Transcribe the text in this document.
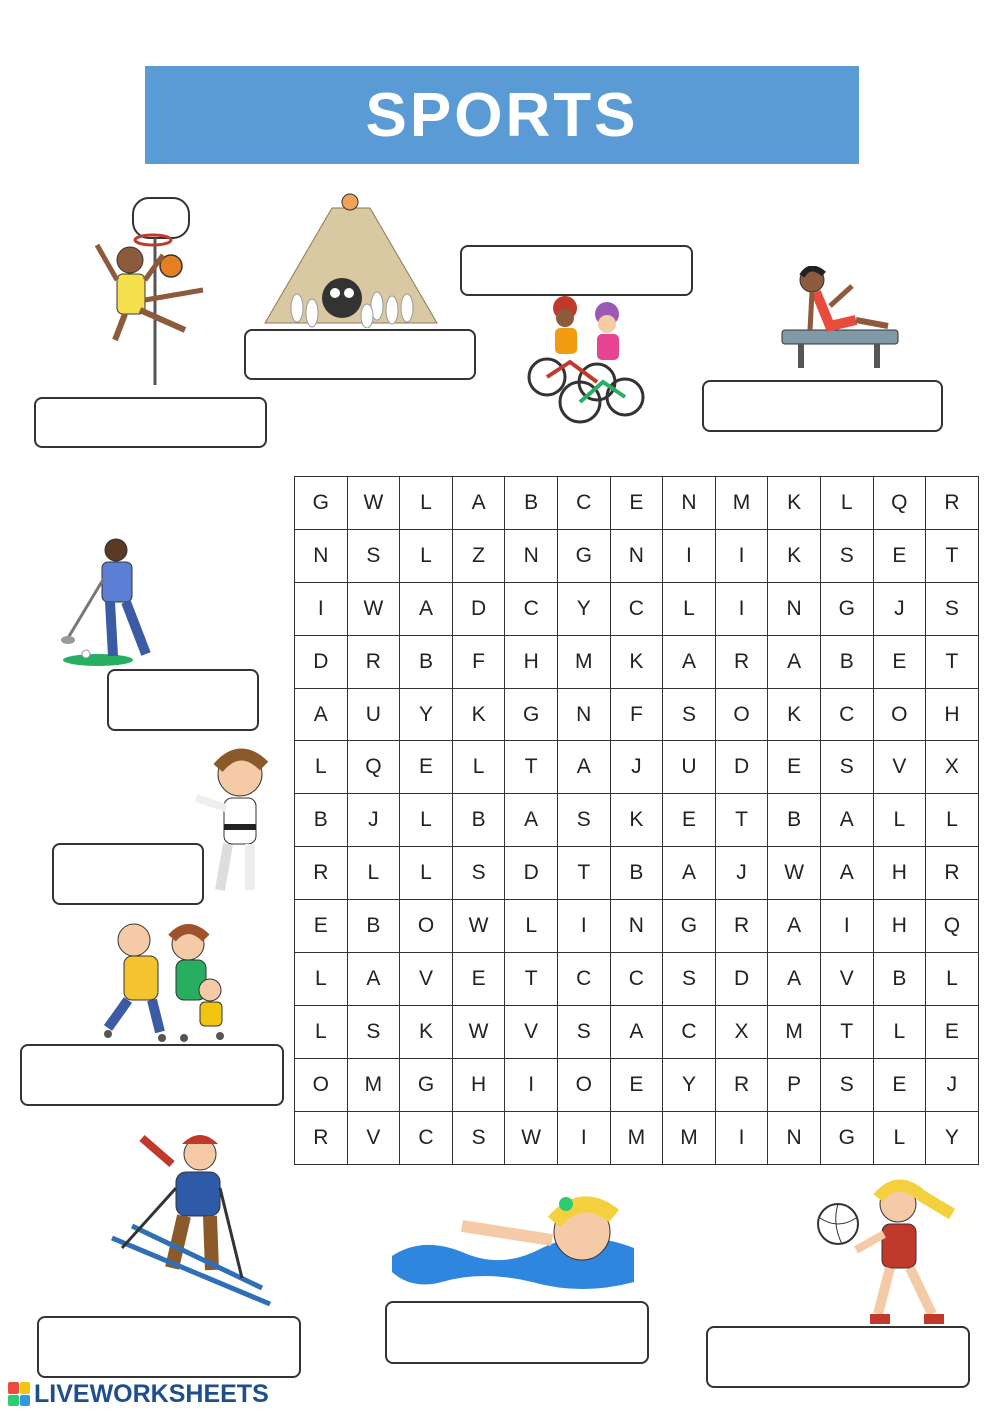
SPORTS
G	W	L	A	B	C	E	N	M	K	L	Q	R
N	S	L	Z	N	G	N	I	I	K	S	E	T
I	W	A	D	C	Y	C	L	I	N	G	J	S
D	R	B	F	H	M	K	A	R	A	B	E	T
A	U	Y	K	G	N	F	S	O	K	C	O	H
L	Q	E	L	T	A	J	U	D	E	S	V	X
B	J	L	B	A	S	K	E	T	B	A	L	L
R	L	L	S	D	T	B	A	J	W	A	H	R
E	B	O	W	L	I	N	G	R	A	I	H	Q
L	A	V	E	T	C	C	S	D	A	V	B	L
L	S	K	W	V	S	A	C	X	M	T	L	E
O	M	G	H	I	O	E	Y	R	P	S	E	J
R	V	C	S	W	I	M	M	I	N	G	L	Y
LIVEWORKSHEETS
